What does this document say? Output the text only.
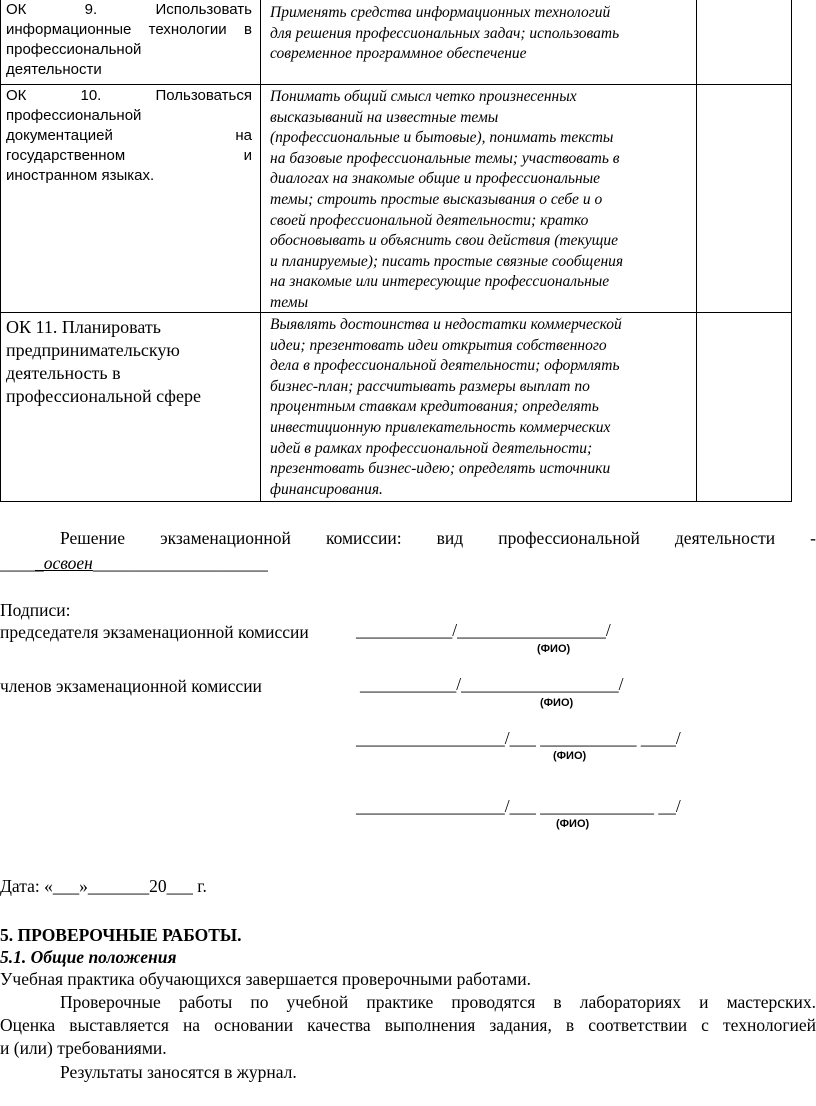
ОК 9. Использовать
информационные технологии в
профессиональной
деятельности
Применять средства информационных технологий
для решения профессиональных задач; использовать
современное программное обеспечение
ОК 10. Пользоваться
профессиональной
документацией на
государственном и
иностранном языках.
Понимать общий смысл четко произнесенных
высказываний на известные темы
(профессиональные и бытовые), понимать тексты
на базовые профессиональные темы; участвовать в
диалогах на знакомые общие и профессиональные
темы; строить простые высказывания о себе и о
своей профессиональной деятельности; кратко
обосновывать и объяснить свои действия (текущие
и планируемые); писать простые связные сообщения
на знакомые или интересующие профессиональные
темы
ОК 11. Планировать
предпринимательскую
деятельность в
профессиональной сфере
Выявлять достоинства и недостатки коммерческой
идеи; презентовать идеи открытия собственного
дела в профессиональной деятельности; оформлять
бизнес-план; рассчитывать размеры выплат по
процентным ставкам кредитования; определять
инвестиционную привлекательность коммерческих
идей в рамках профессиональной деятельности;
презентовать бизнес-идею; определять источники
финансирования.
Решение экзаменационной комиссии: вид профессиональной деятельности -
_____освоен____________________
Подписи:
председателя экзаменационной комиссии	___________/_________________/
(ФИО)
членов экзаменационной комиссии	___________/__________________/
(ФИО)
_________________/___ ___________ ____/
(ФИО)
_________________/___ _____________ __/
(ФИО)
Дата: «___»_______20___ г.
5. ПРОВЕРОЧНЫЕ РАБОТЫ.
5.1. Общие положения
Учебная практика обучающихся завершается проверочными работами.
Проверочные работы по учебной практике проводятся в лабораториях и мастерских.
Оценка выставляется на основании качества выполнения задания, в соответствии с технологией
и (или) требованиями.
Результаты заносятся в журнал.
